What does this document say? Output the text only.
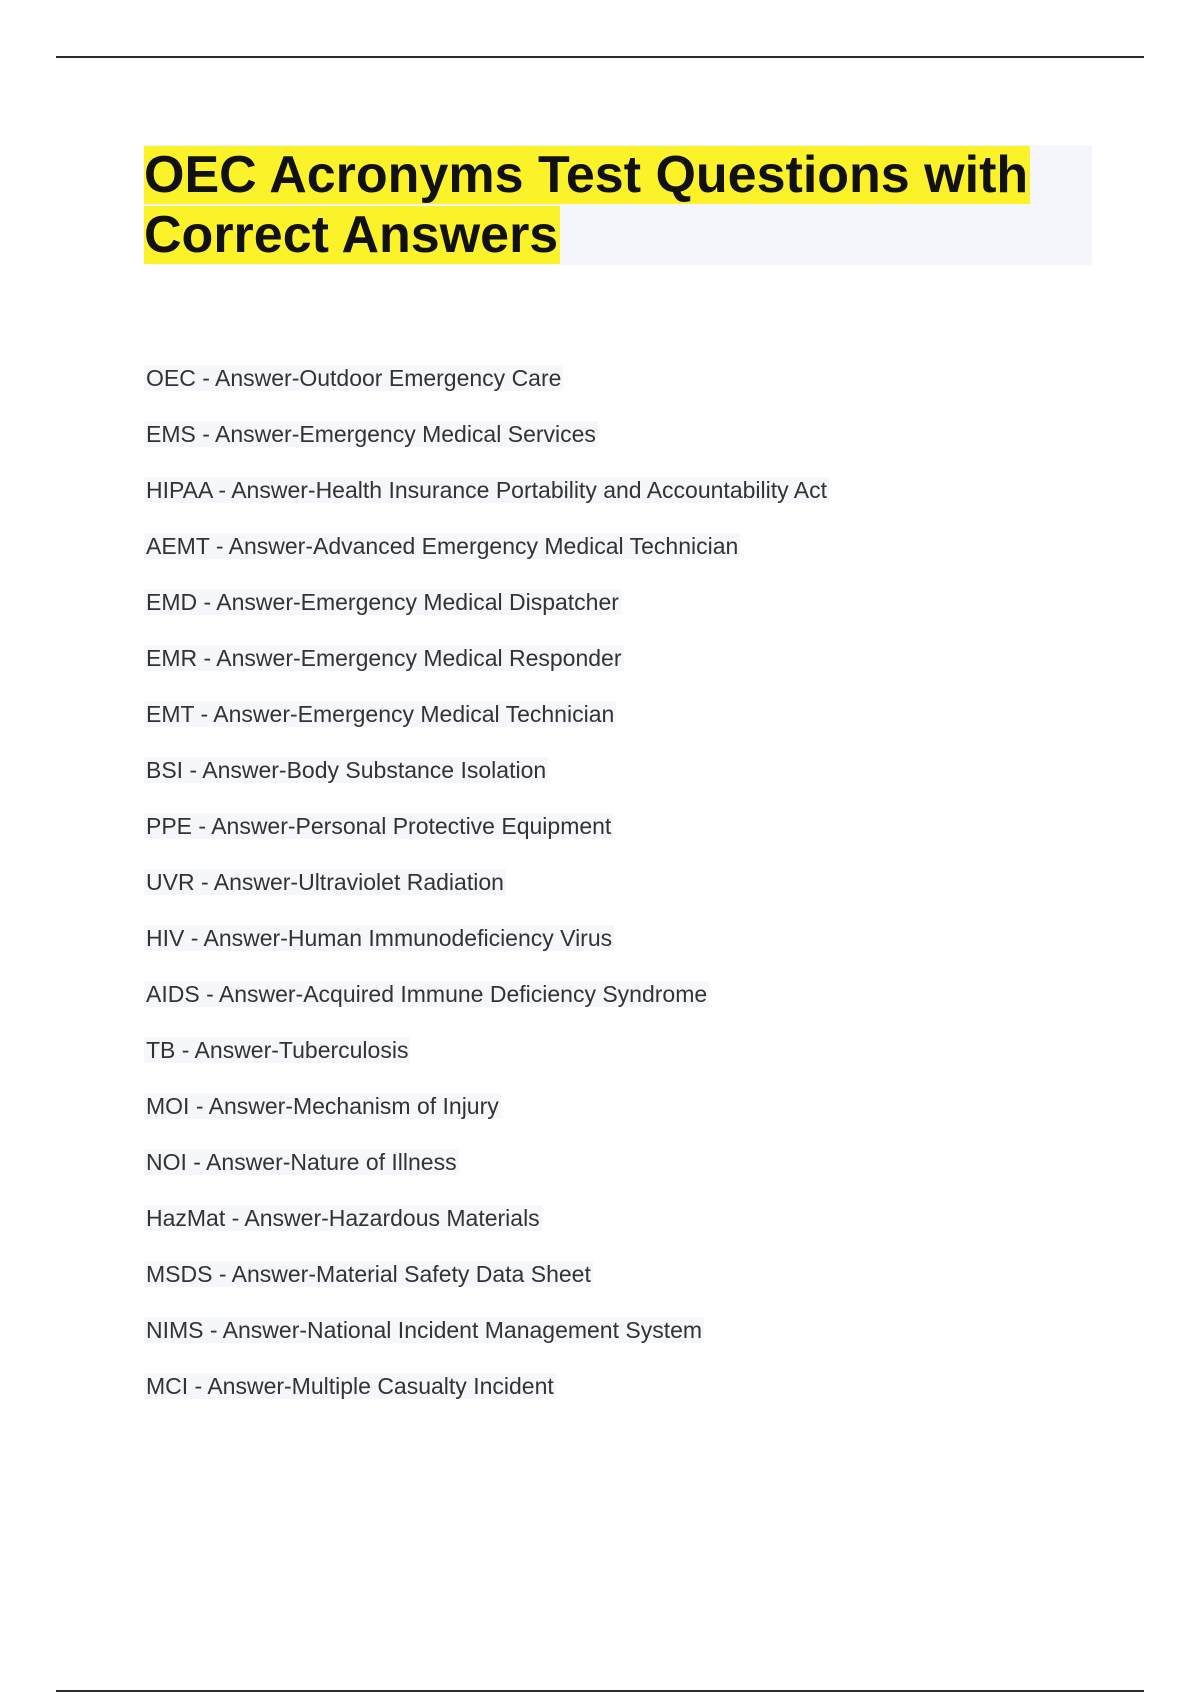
OEC Acronyms Test Questions with Correct Answers
OEC - Answer-Outdoor Emergency Care
EMS - Answer-Emergency Medical Services
HIPAA - Answer-Health Insurance Portability and Accountability Act
AEMT - Answer-Advanced Emergency Medical Technician
EMD - Answer-Emergency Medical Dispatcher
EMR - Answer-Emergency Medical Responder
EMT - Answer-Emergency Medical Technician
BSI - Answer-Body Substance Isolation
PPE - Answer-Personal Protective Equipment
UVR - Answer-Ultraviolet Radiation
HIV - Answer-Human Immunodeficiency Virus
AIDS - Answer-Acquired Immune Deficiency Syndrome
TB - Answer-Tuberculosis
MOI - Answer-Mechanism of Injury
NOI - Answer-Nature of Illness
HazMat - Answer-Hazardous Materials
MSDS - Answer-Material Safety Data Sheet
NIMS - Answer-National Incident Management System
MCI - Answer-Multiple Casualty Incident
